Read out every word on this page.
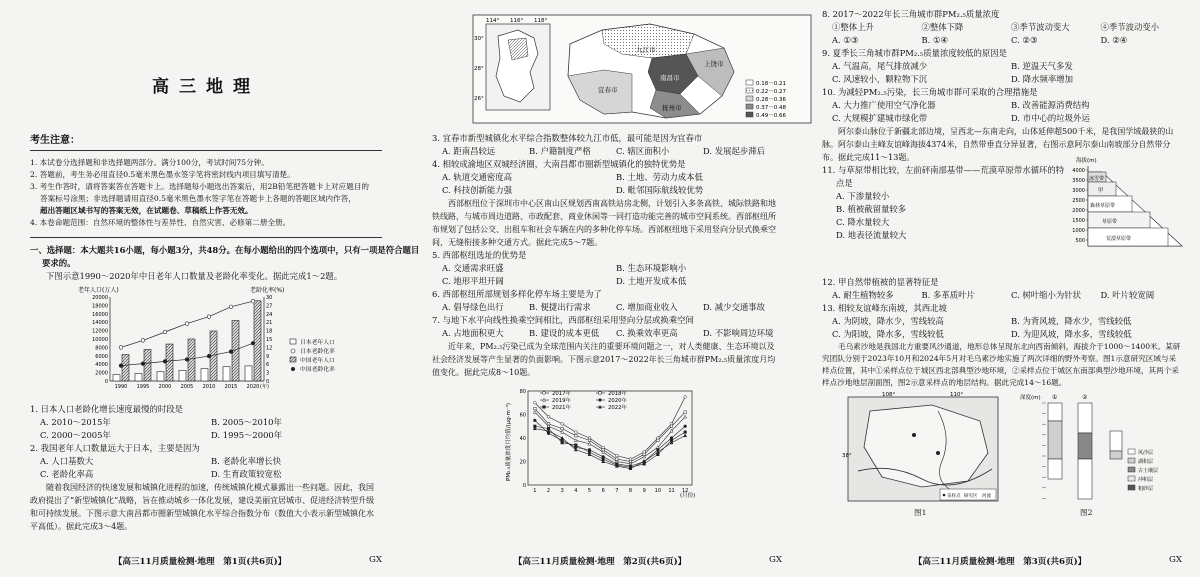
高三地理
考生注意：
1. 本试卷分选择题和非选择题两部分。满分100分，考试时间75分钟。
2. 答题前，考生务必用直径0.5毫米黑色墨水签字笔将密封线内项目填写清楚。
3. 考生作答时，请将答案答在答题卡上。选择题每小题选出答案后，用2B铅笔把答题卡上对应题目的
答案标号涂黑；非选择题请用直径0.5毫米黑色墨水签字笔在答题卡上各题的答题区域内作答，
超出答题区域书写的答案无效，在试题卷、草稿纸上作答无效。
4. 本卷命题范围：自然环境的整体性与差异性、自然灾害、必修第二册全册。
一、选择题：本大题共16小题，每小题3分，共48分。在每小题给出的四个选项中，只有一项是符合题目
要求的。
下图示意1990～2020年中日老年人口数量及老龄化率变化。据此完成1～2题。
老年人口(万人)	老龄化率(%)
0
2000
4000
6000
8000
10000
12000
14000
16000
18000
20000
0
3
6
9
12
15
18
21
24
27
30
1990 1995 2000 2005 2010 2015 2020 (年)
日本老年人口
日本老龄化率
中国老年人口
中国老龄化率
1. 日本人口老龄化增长速度最慢的时段是
A. 2010～2015年	B. 2005～2010年
C. 2000～2005年	D. 1995～2000年
2. 我国老年人口数量远大于日本，主要是因为
A. 人口基数大	B. 老龄化率增长快
C. 老龄化率高	D. 生育政策较宽松
随着我国经济的快速发展和城镇化进程的加速，传统城镇化模式暴露出一些问题。因此，我国政府提出了“新型城镇化”战略，旨在推动城乡一体化发展，建设美丽宜居城市、促进经济转型升级和可持续发展。下图示意大南昌都市圈新型城镇化水平综合指数分布（数值大小表示新型城镇化水平高低）。据此完成3～4题。
【高三11月质量检测·地理　第1页(共6页)】	GX
114° 116° 118°
30°
28°
26°
九江市
上饶市
宜春市
南昌市
抚州市
0.18～0.21
0.22～0.27
0.28～0.36
0.37～0.48
0.49～0.66
3. 宜春市新型城镇化水平综合指数整体较九江市低，最可能是因为宜春市
A. 距南昌较远	B. 户籍制度严格	C. 辖区面积小	D. 发展起步滞后
4. 相较成渝地区双城经济圈，大南昌都市圈新型城镇化的独特优势是
A. 轨道交通密度高	B. 土地、劳动力成本低
C. 科技创新能力强	D. 毗邻国际航线较优势
西部枢纽位于深圳市中心区南山区规划西南高铁站房北侧，计划引入多条高铁、城际铁路和地铁线路，与城市周边道路、市政配套、商业休闲等一同打造功能完善的城市空间系统。西部枢纽所布规划了包括公交、出租车和社会车辆在内的多种化停车场。西部枢纽地下采用竖向分层式换乘空间，无缝衔接多种交通方式。据此完成5～7题。
5. 西部枢纽选址的优势是
A. 交通需求旺盛	B. 生态环境影响小
C. 地形平坦开阔	D. 土地开发成本低
6. 西部枢纽所部规划多样化停车场主要是为了
A. 倡导绿色出行	B. 便捷出行需求	C. 增加商业收入	D. 减少交通事故
7. 与地下水平向线性换乘空间相比，西部枢纽采用竖向分层或换乘空间
A. 占地面积更大	B. 建设的成本更低	C. 换乘效率更高	D. 不影响周边环境
近年来，PM₂.₅污染已成为全球范围内关注的重要环境问题之一，对人类健康、生态环境以及社会经济发展等产生显著的负面影响。下图示意2017～2022年长三角城市群PM₂.₅质量浓度月均值变化。据此完成8～10题。
PM₂.₅质量浓度月均值/(μg·m⁻³)
0
20
40
60
80
1 2 3 4 5 6 7 8 9 10 11 12
(月份)
2017年	2018年
2019年	2020年
2021年	2022年
【高三11月质量检测·地理　第2页(共6页)】	GX
8. 2017～2022年长三角城市群PM₂.₅质量浓度
①整体上升	②整体下降	③季节波动变大	④季节波动变小
A. ①③	B. ①④	C. ②③	D. ②④
9. 夏季长三角城市群PM₂.₅质量浓度较低的原因是
A. 气温高，尾气排放减少	B. 逆温天气多发
C. 风速较小，颗粒物下沉	D. 降水频率增加
10. 为减轻PM₂.₅污染，长三角城市群可采取的合理措施是
A. 大力推广使用空气净化器	B. 改善能源消费结构
C. 大规模扩建城市绿化带	D. 市中心的垃圾外运
阿尔泰山脉位于新疆北部边境，呈西北—东南走向，山体延伸超500千米，是我国学域最狭的山脉。阿尔泰山主峰友谊峰海拔4374米，自然带垂直分异显著，右图示意阿尔泰山南坡部分自然带分布。据此完成11～13题。
11. 与草原带相比较，左前砰南部基带——荒漠草原带水循环的特
点是
A. 下渗量较小
B. 植被截留量较多
C. 降水量较大
D. 地表径流量较大
海拔(m)
4000
3500
3000
2500
2000
1500
1000
500
冰雪带
甲
森林草原带
草原带
荒漠草原带
12. 甲自然带植被的显著特征是
A. 耐生植物较多	B. 多革质叶片	C. 树叶缩小为针状	D. 叶片较宽阔
13. 相较友谊峰东南坡，其西北坡
A. 为阴坡，降水少，雪线较高	B. 为背风坡，降水少，雪线较低
C. 为阳坡，降水多，雪线较低	D. 为迎风坡，降水多，雪线较低
毛乌素沙地是我国北方重要风沙通道，地形总体呈现东北向西南倾斜，海拔介于1000～1400米。某研究团队分别于2023年10月和2024年5月对毛乌素沙地实施了两次详细的野外考察。图1示意研究区域与采样点位置，其中①采样点位于城区西北部典型沙地环境，②采样点位于城区东南部典型沙地环境，其两个采样点沙地地层剖面图，图2示意采样点的地层结构。据此完成14～16题。
108°	110°
38°
采样点 研究区 河流
图1
深度(m) ①	②
风沙层
湖积层
古土壤层
冲积层
粗砂层
图2
【高三11月质量检测·地理　第3页(共6页)】	GX
